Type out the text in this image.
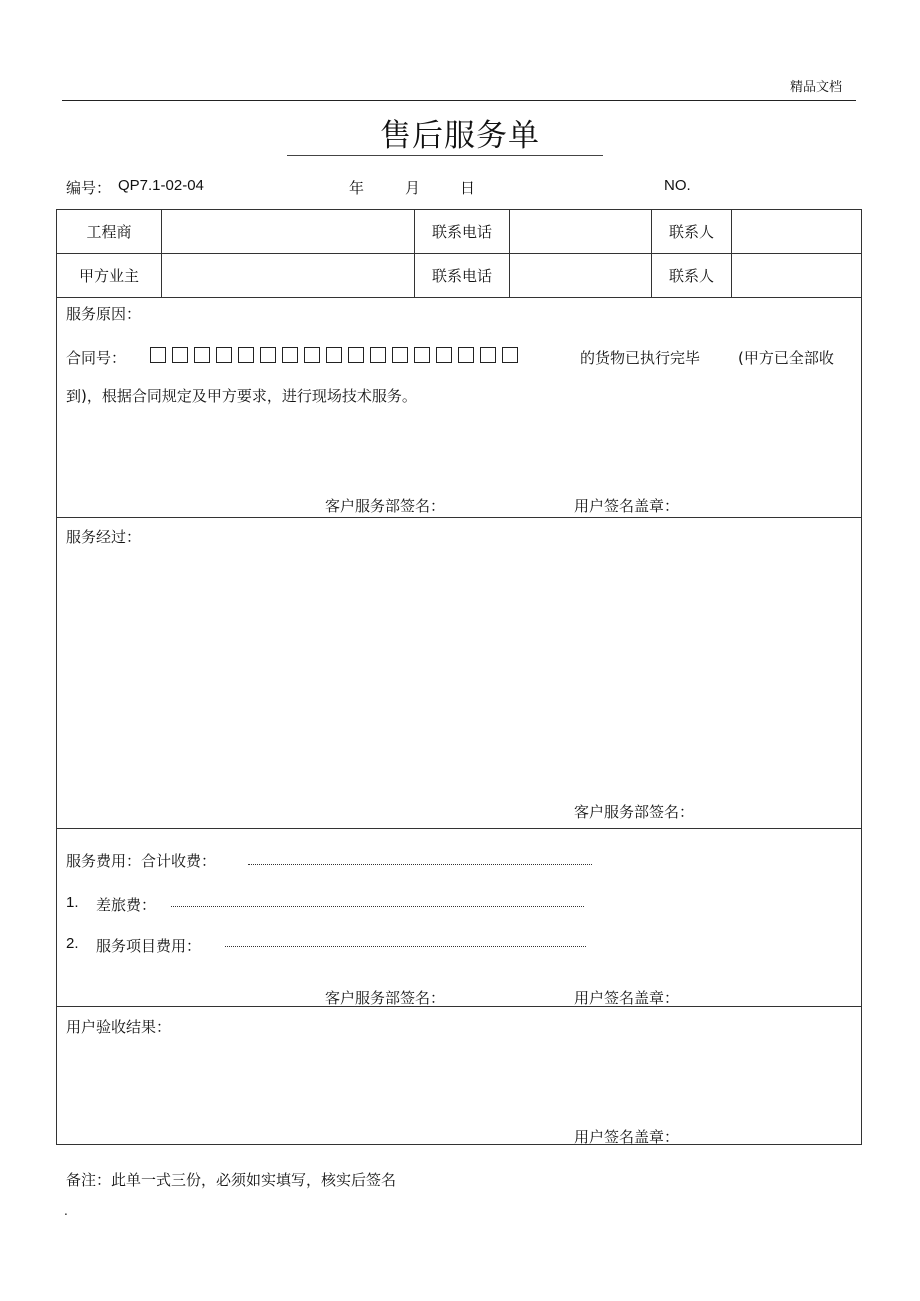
精品文档
售后服务单
编号： QP7.1-02-04	年	月	日	NO.
工程商		联系电话		联系人	
甲方业主		联系电话		联系人	
服务原因：
合同号：	的货物已执行完毕	(甲方已全部收
到)，根据合同规定及甲方要求，进行现场技术服务。
客户服务部签名：	用户签名盖章：
服务经过：
客户服务部签名：
服务费用：合计收费：
1. 差旅费：
2. 服务项目费用：
客户服务部签名：	用户签名盖章：
用户验收结果：
用户签名盖章：
备注：此单一式三份，必须如实填写，核实后签名
.
